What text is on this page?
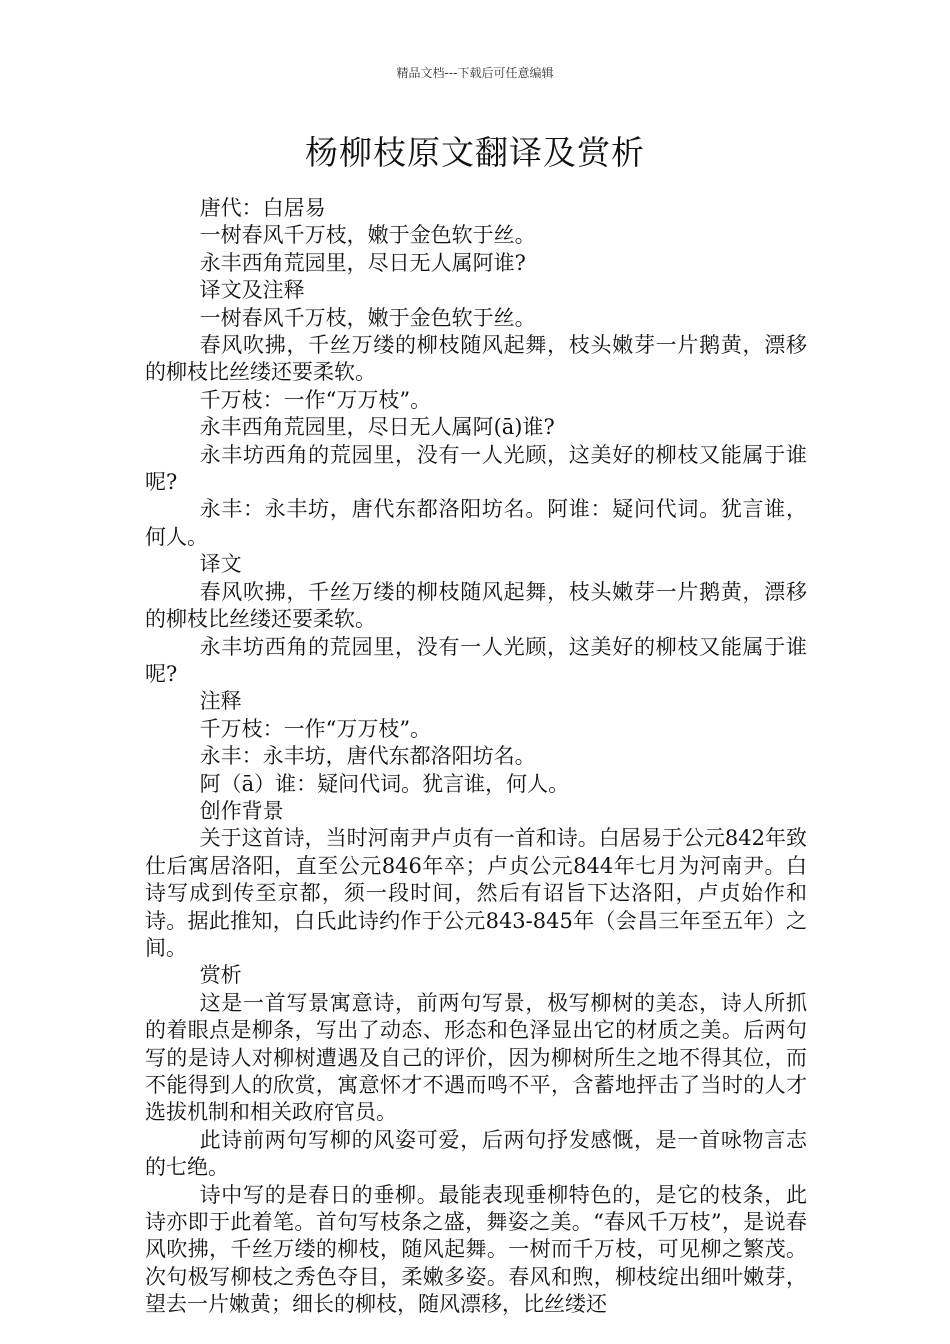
精品文档---下载后可任意编辑
杨柳枝原文翻译及赏析

唐代：白居易

一树春风千万枝，嫩于金色软于丝。

永丰西角荒园里，尽日无人属阿谁?

译文及注释

一树春风千万枝，嫩于金色软于丝。

春风吹拂，千丝万缕的柳枝随风起舞，枝头嫩芽一片鹅黄，漂移的柳枝比丝缕还要柔软。

千万枝：一作“万万枝”。

永丰西角荒园里，尽日无人属阿(ā)谁?

永丰坊西角的荒园里，没有一人光顾，这美好的柳枝又能属于谁呢?

永丰：永丰坊，唐代东都洛阳坊名。阿谁：疑问代词。犹言谁，何人。

译文

春风吹拂，千丝万缕的柳枝随风起舞，枝头嫩芽一片鹅黄，漂移的柳枝比丝缕还要柔软。

永丰坊西角的荒园里，没有一人光顾，这美好的柳枝又能属于谁呢?

注释

千万枝：一作“万万枝”。

永丰：永丰坊，唐代东都洛阳坊名。

阿（ā）谁：疑问代词。犹言谁，何人。

创作背景

关于这首诗，当时河南尹卢贞有一首和诗。白居易于公元842年致仕后寓居洛阳，直至公元846年卒；卢贞公元844年七月为河南尹。白诗写成到传至京都，须一段时间，然后有诏旨下达洛阳，卢贞始作和诗。据此推知，白氏此诗约作于公元843-845年（会昌三年至五年）之间。

赏析

这是一首写景寓意诗，前两句写景，极写柳树的美态，诗人所抓的着眼点是柳条，写出了动态、形态和色泽显出它的材质之美。后两句写的是诗人对柳树遭遇及自己的评价，因为柳树所生之地不得其位，而不能得到人的欣赏，寓意怀才不遇而鸣不平，含蓄地抨击了当时的人才选拔机制和相关政府官员。

此诗前两句写柳的风姿可爱，后两句抒发感慨，是一首咏物言志的七绝。

诗中写的是春日的垂柳。最能表现垂柳特色的，是它的枝条，此诗亦即于此着笔。首句写枝条之盛，舞姿之美。“春风千万枝”，是说春风吹拂，千丝万缕的柳枝，随风起舞。一树而千万枝，可见柳之繁茂。次句极写柳枝之秀色夺目，柔嫩多姿。春风和煦，柳枝绽出细叶嫩芽，望去一片嫩黄；细长的柳枝，随风漂移，比丝缕还
